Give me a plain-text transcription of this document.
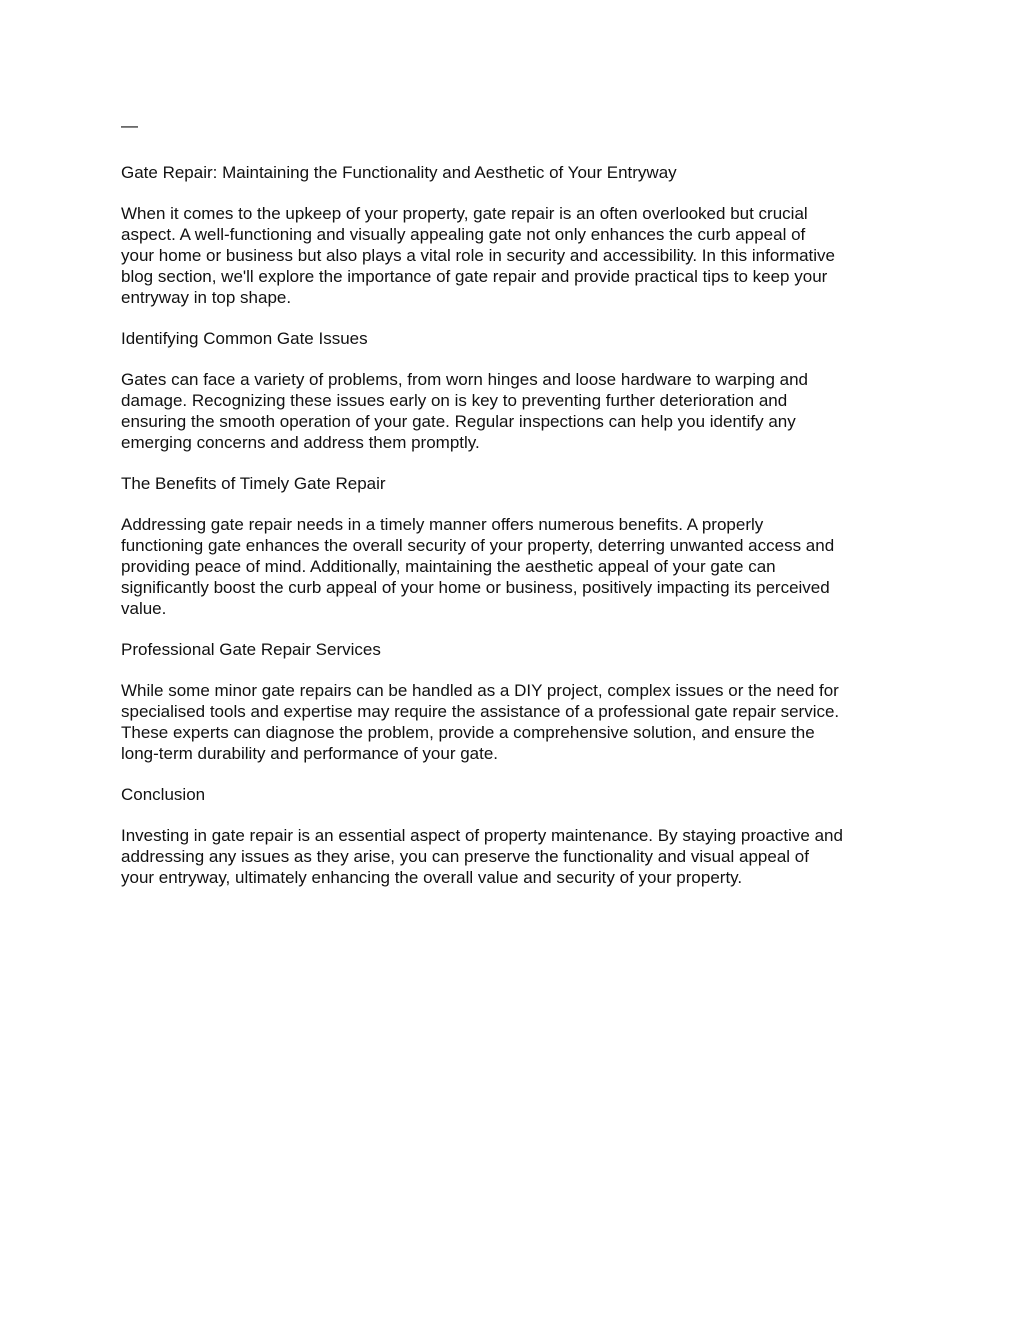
—

Gate Repair: Maintaining the Functionality and Aesthetic of Your Entryway

When it comes to the upkeep of your property, gate repair is an often overlooked but crucial

aspect. A well-functioning and visually appealing gate not only enhances the curb appeal of

your home or business but also plays a vital role in security and accessibility. In this informative

blog section, we'll explore the importance of gate repair and provide practical tips to keep your

entryway in top shape.

Identifying Common Gate Issues

Gates can face a variety of problems, from worn hinges and loose hardware to warping and

damage. Recognizing these issues early on is key to preventing further deterioration and

ensuring the smooth operation of your gate. Regular inspections can help you identify any

emerging concerns and address them promptly.

The Benefits of Timely Gate Repair

Addressing gate repair needs in a timely manner offers numerous benefits. A properly

functioning gate enhances the overall security of your property, deterring unwanted access and

providing peace of mind. Additionally, maintaining the aesthetic appeal of your gate can

significantly boost the curb appeal of your home or business, positively impacting its perceived

value.

Professional Gate Repair Services

While some minor gate repairs can be handled as a DIY project, complex issues or the need for

specialised tools and expertise may require the assistance of a professional gate repair service.

These experts can diagnose the problem, provide a comprehensive solution, and ensure the

long-term durability and performance of your gate.

Conclusion

Investing in gate repair is an essential aspect of property maintenance. By staying proactive and

addressing any issues as they arise, you can preserve the functionality and visual appeal of

your entryway, ultimately enhancing the overall value and security of your property.
